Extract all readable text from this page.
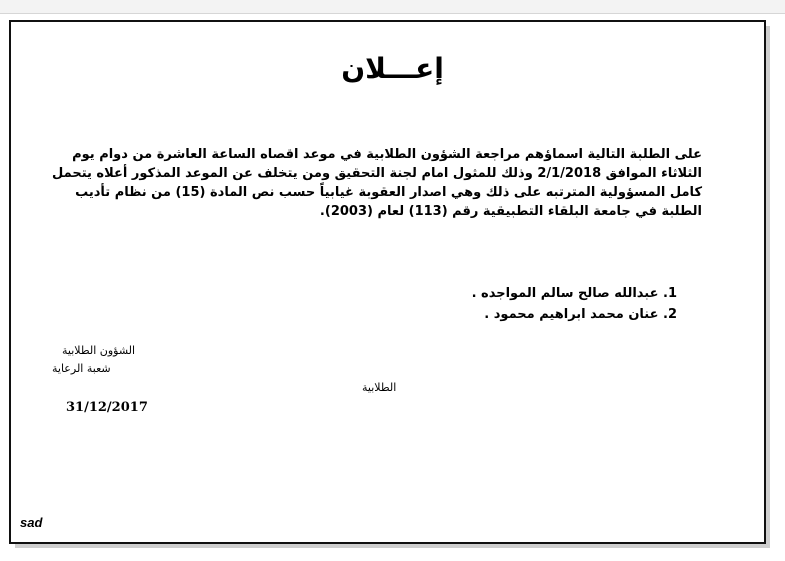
إعـــلان

على الطلبة التالية اسماؤهم مراجعة الشؤون الطلابية في موعد اقصاه الساعة العاشرة من دوام يوم الثلاثاء الموافق 2/1/2018 وذلك للمثول امام لجنة التحقيق ومن يتخلف عن الموعد المذكور أعلاه يتحمل كامل المسؤولية المترتبه على ذلك وهي اصدار العقوبة غيابياً حسب نص المادة (15) من نظام تأديب الطلبة في جامعة البلقاء التطبيقية رقم (113) لعام (2003).

1. عبدالله صالح سالم المواجده .
2. عنان محمد ابراهيم محمود .
الشؤون الطلابية
شعبة الرعاية
الطلابية
31/12/2017
sad
